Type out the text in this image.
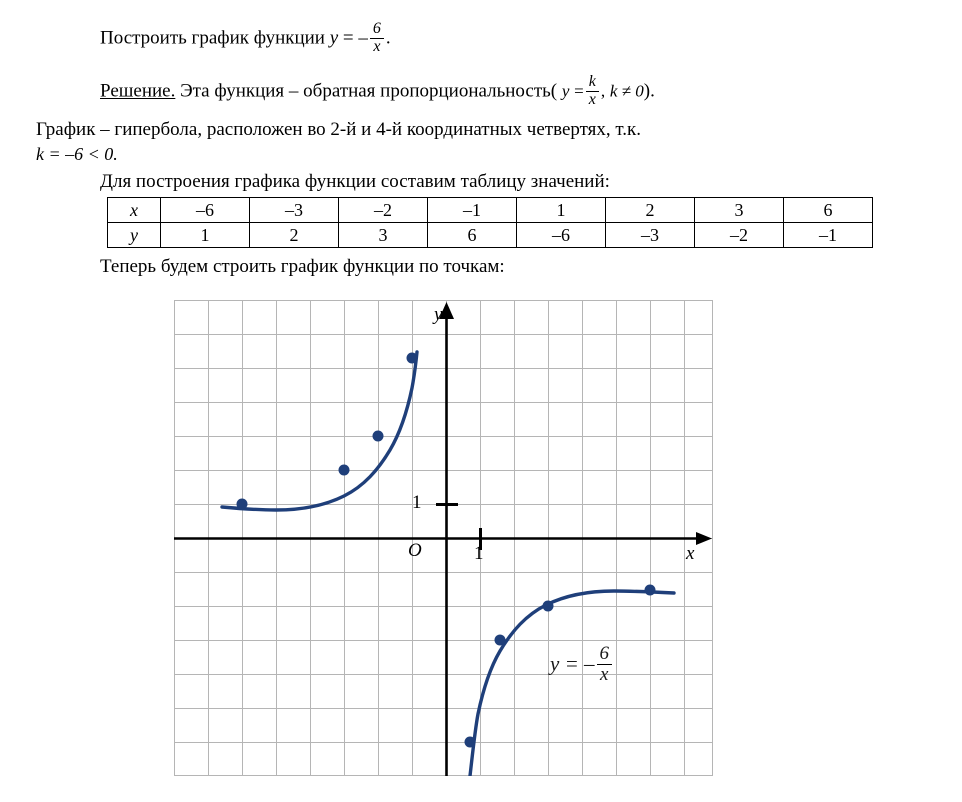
Построить график функции y = – $\frac{6}{x}$ .
Решение. Эта функция – обратная пропорциональность( $y = \frac{k}{x}$ , k ≠ 0).
График – гипербола, расположен во 2-й и 4-й координатных четвертях, т.к.
k = –6 < 0.
Для построения графика функции составим таблицу значений:
x	–6	–3	–2	–1	1	2	3	6
y	1	2	3	6	–6	–3	–2	–1
Теперь будем строить график функции по точкам:
y
x
O	1
1
y = – $\frac{6}{x}$
